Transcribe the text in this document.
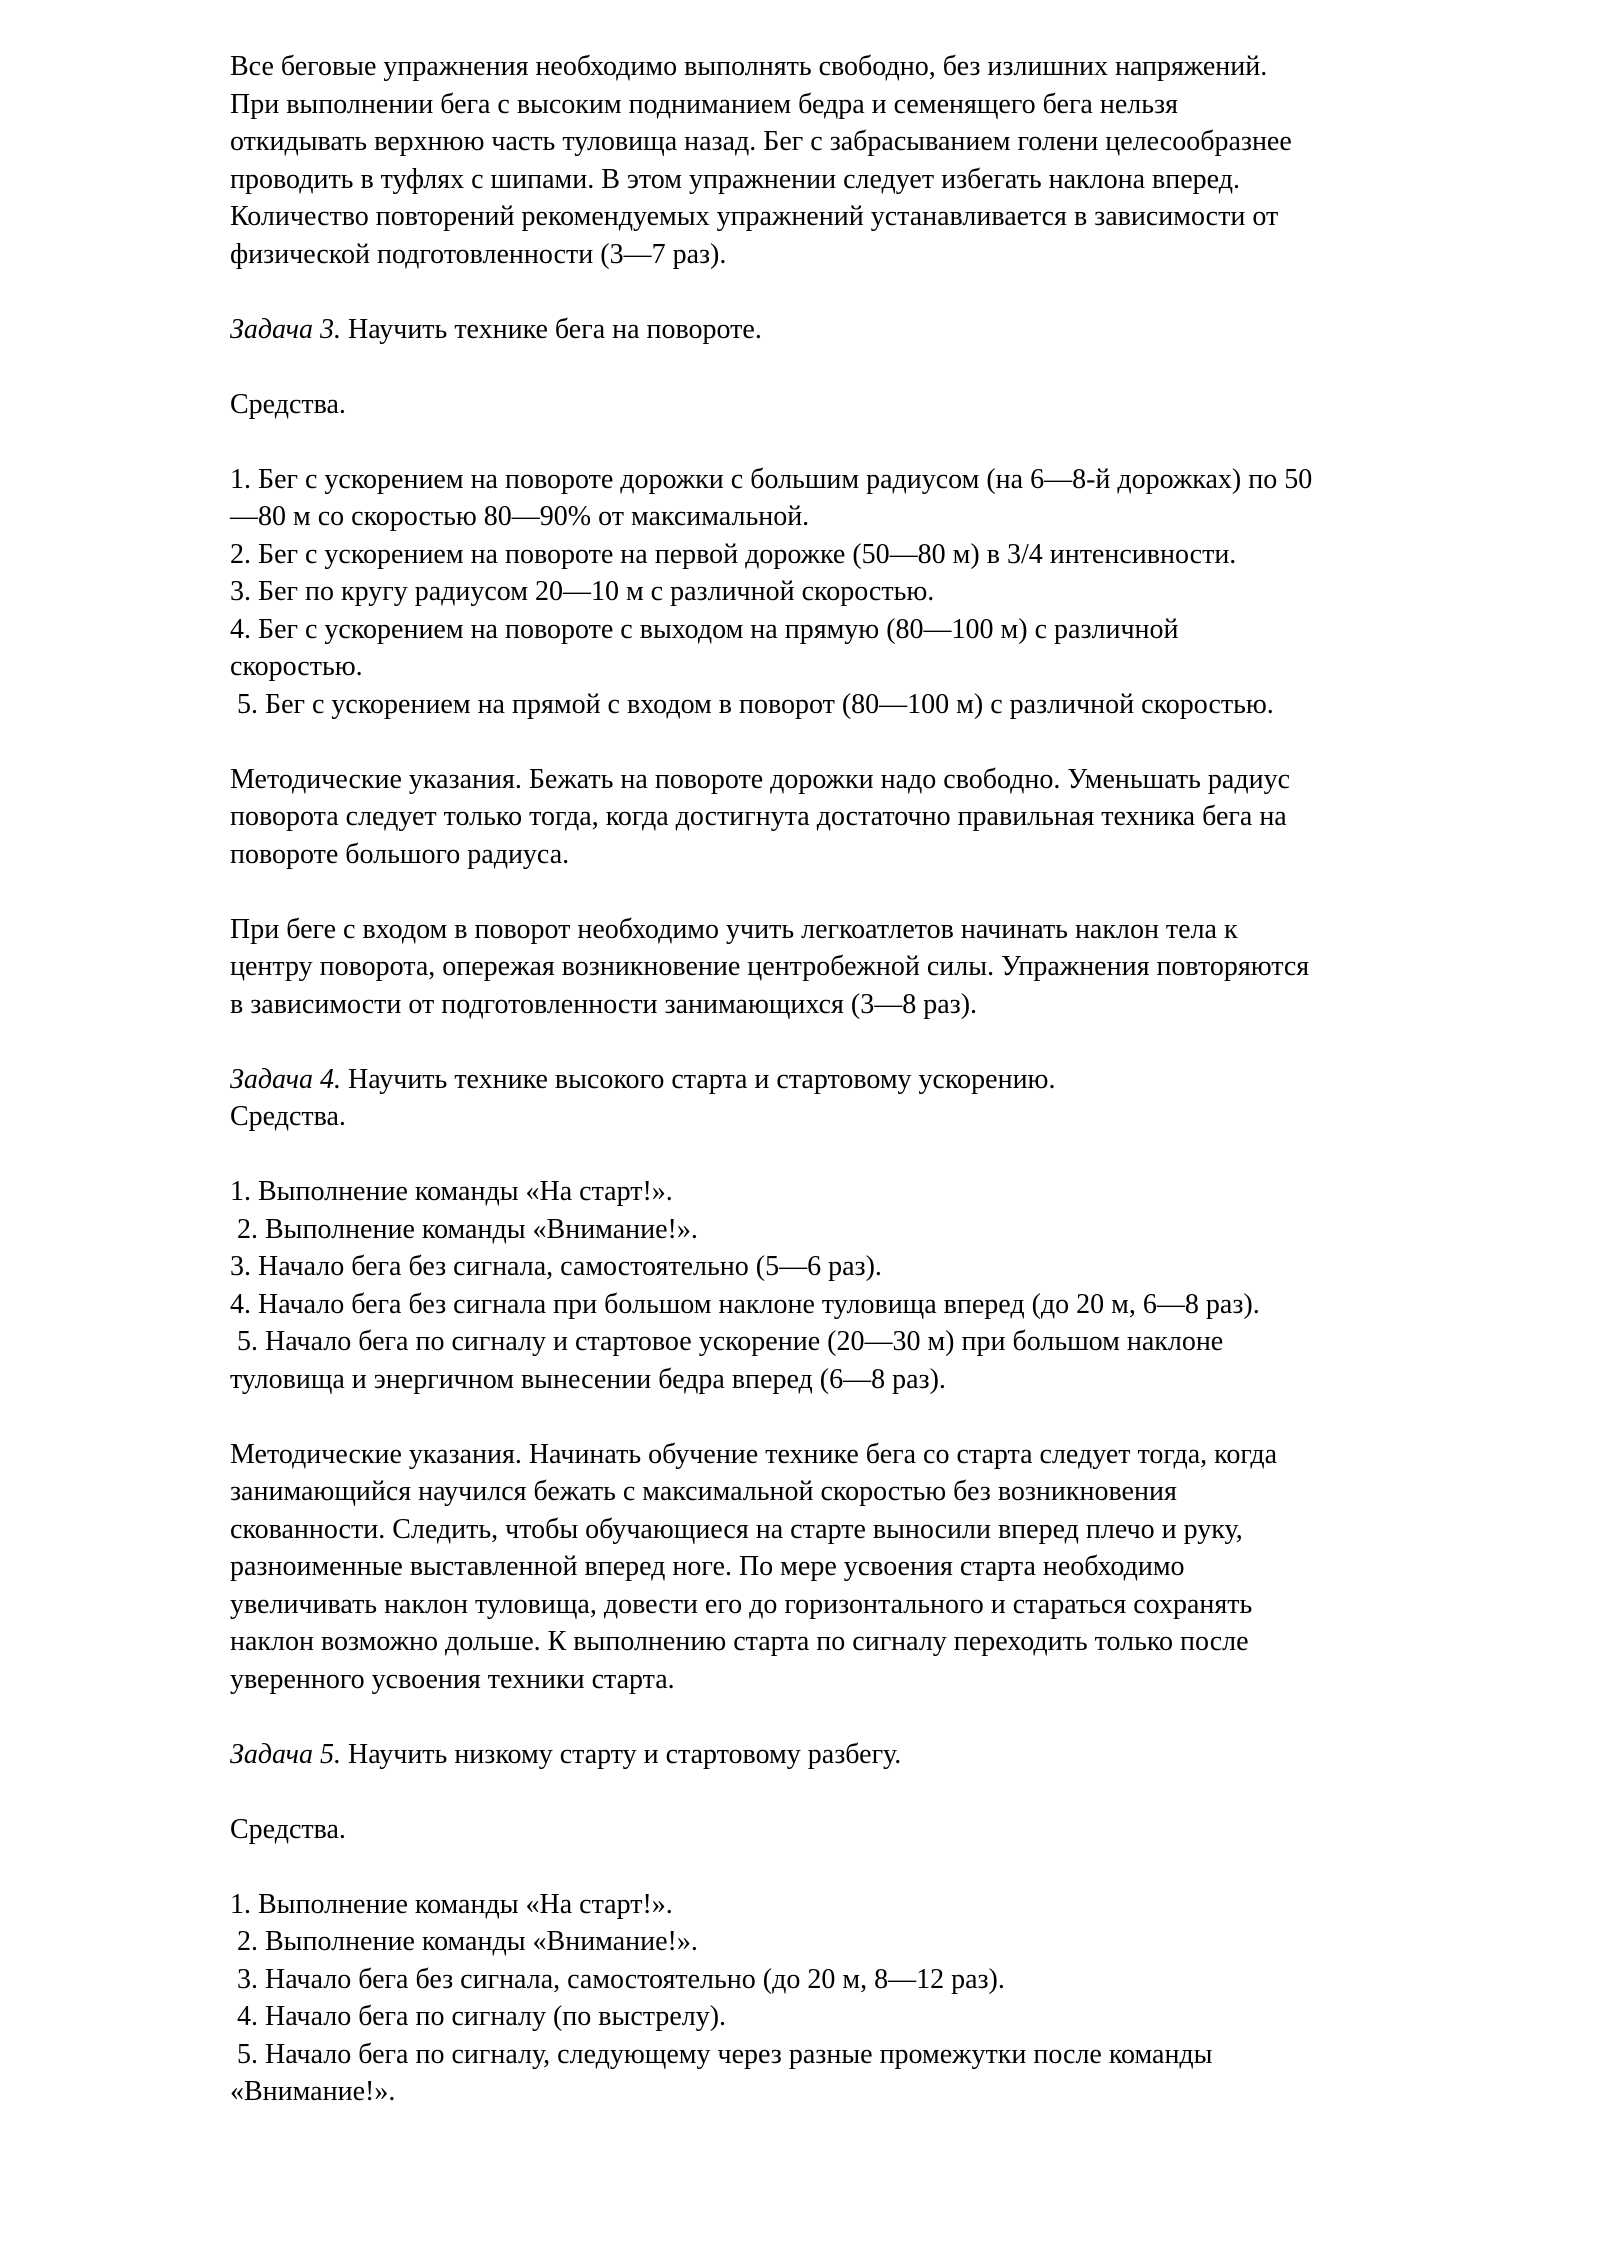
Все беговые упражнения необходимо выполнять свободно, без излишних напряжений.
При выполнении бега с высоким подниманием бедра и семенящего бега нельзя
откидывать верхнюю часть туловища назад. Бег с забрасыванием голени целесообразнее
проводить в туфлях с шипами. В этом упражнении следует избегать наклона вперед.
Количество повторений рекомендуемых упражнений устанавливается в зависимости от
физической подготовленности (3—7 раз).
Задача 3. Научить технике бега на повороте.
Средства.
1. Бег с ускорением на повороте дорожки с большим радиусом (на 6—8-й дорожках) по 50
—80 м со скоростью 80—90% от максимальной.
2. Бег с ускорением на повороте на первой дорожке (50—80 м) в 3/4 интенсивности.
3. Бег по кругу радиусом 20—10 м с различной скоростью.
4. Бег с ускорением на повороте с выходом на прямую (80—100 м) с различной
скоростью.
5. Бег с ускорением на прямой с входом в поворот (80—100 м) с различной скоростью.
Методические указания. Бежать на повороте дорожки надо свободно. Уменьшать радиус
поворота следует только тогда, когда достигнута достаточно правильная техника бега на
повороте большого радиуса.
При беге с входом в поворот необходимо учить легкоатлетов начинать наклон тела к
центру поворота, опережая возникновение центробежной силы. Упражнения повторяются
в зависимости от подготовленности занимающихся (3—8 раз).
Задача 4. Научить технике высокого старта и стартовому ускорению.
Средства.
1. Выполнение команды «На старт!».
2. Выполнение команды «Внимание!».
3. Начало бега без сигнала, самостоятельно (5—6 раз).
4. Начало бега без сигнала при большом наклоне туловища вперед (до 20 м, 6—8 раз).
5. Начало бега по сигналу и стартовое ускорение (20—30 м) при большом наклоне
туловища и энергичном вынесении бедра вперед (6—8 раз).
Методические указания. Начинать обучение технике бега со старта следует тогда, когда
занимающийся научился бежать с максимальной скоростью без возникновения
скованности. Следить, чтобы обучающиеся на старте выносили вперед плечо и руку,
разноименные выставленной вперед ноге. По мере усвоения старта необходимо
увеличивать наклон туловища, довести его до горизонтального и стараться сохранять
наклон возможно дольше. К выполнению старта по сигналу переходить только после
уверенного усвоения техники старта.
Задача 5. Научить низкому старту и стартовому разбегу.
Средства.
1. Выполнение команды «На старт!».
2. Выполнение команды «Внимание!».
3. Начало бега без сигнала, самостоятельно (до 20 м, 8—12 раз).
4. Начало бега по сигналу (по выстрелу).
5. Начало бега по сигналу, следующему через разные промежутки после команды
«Внимание!».
